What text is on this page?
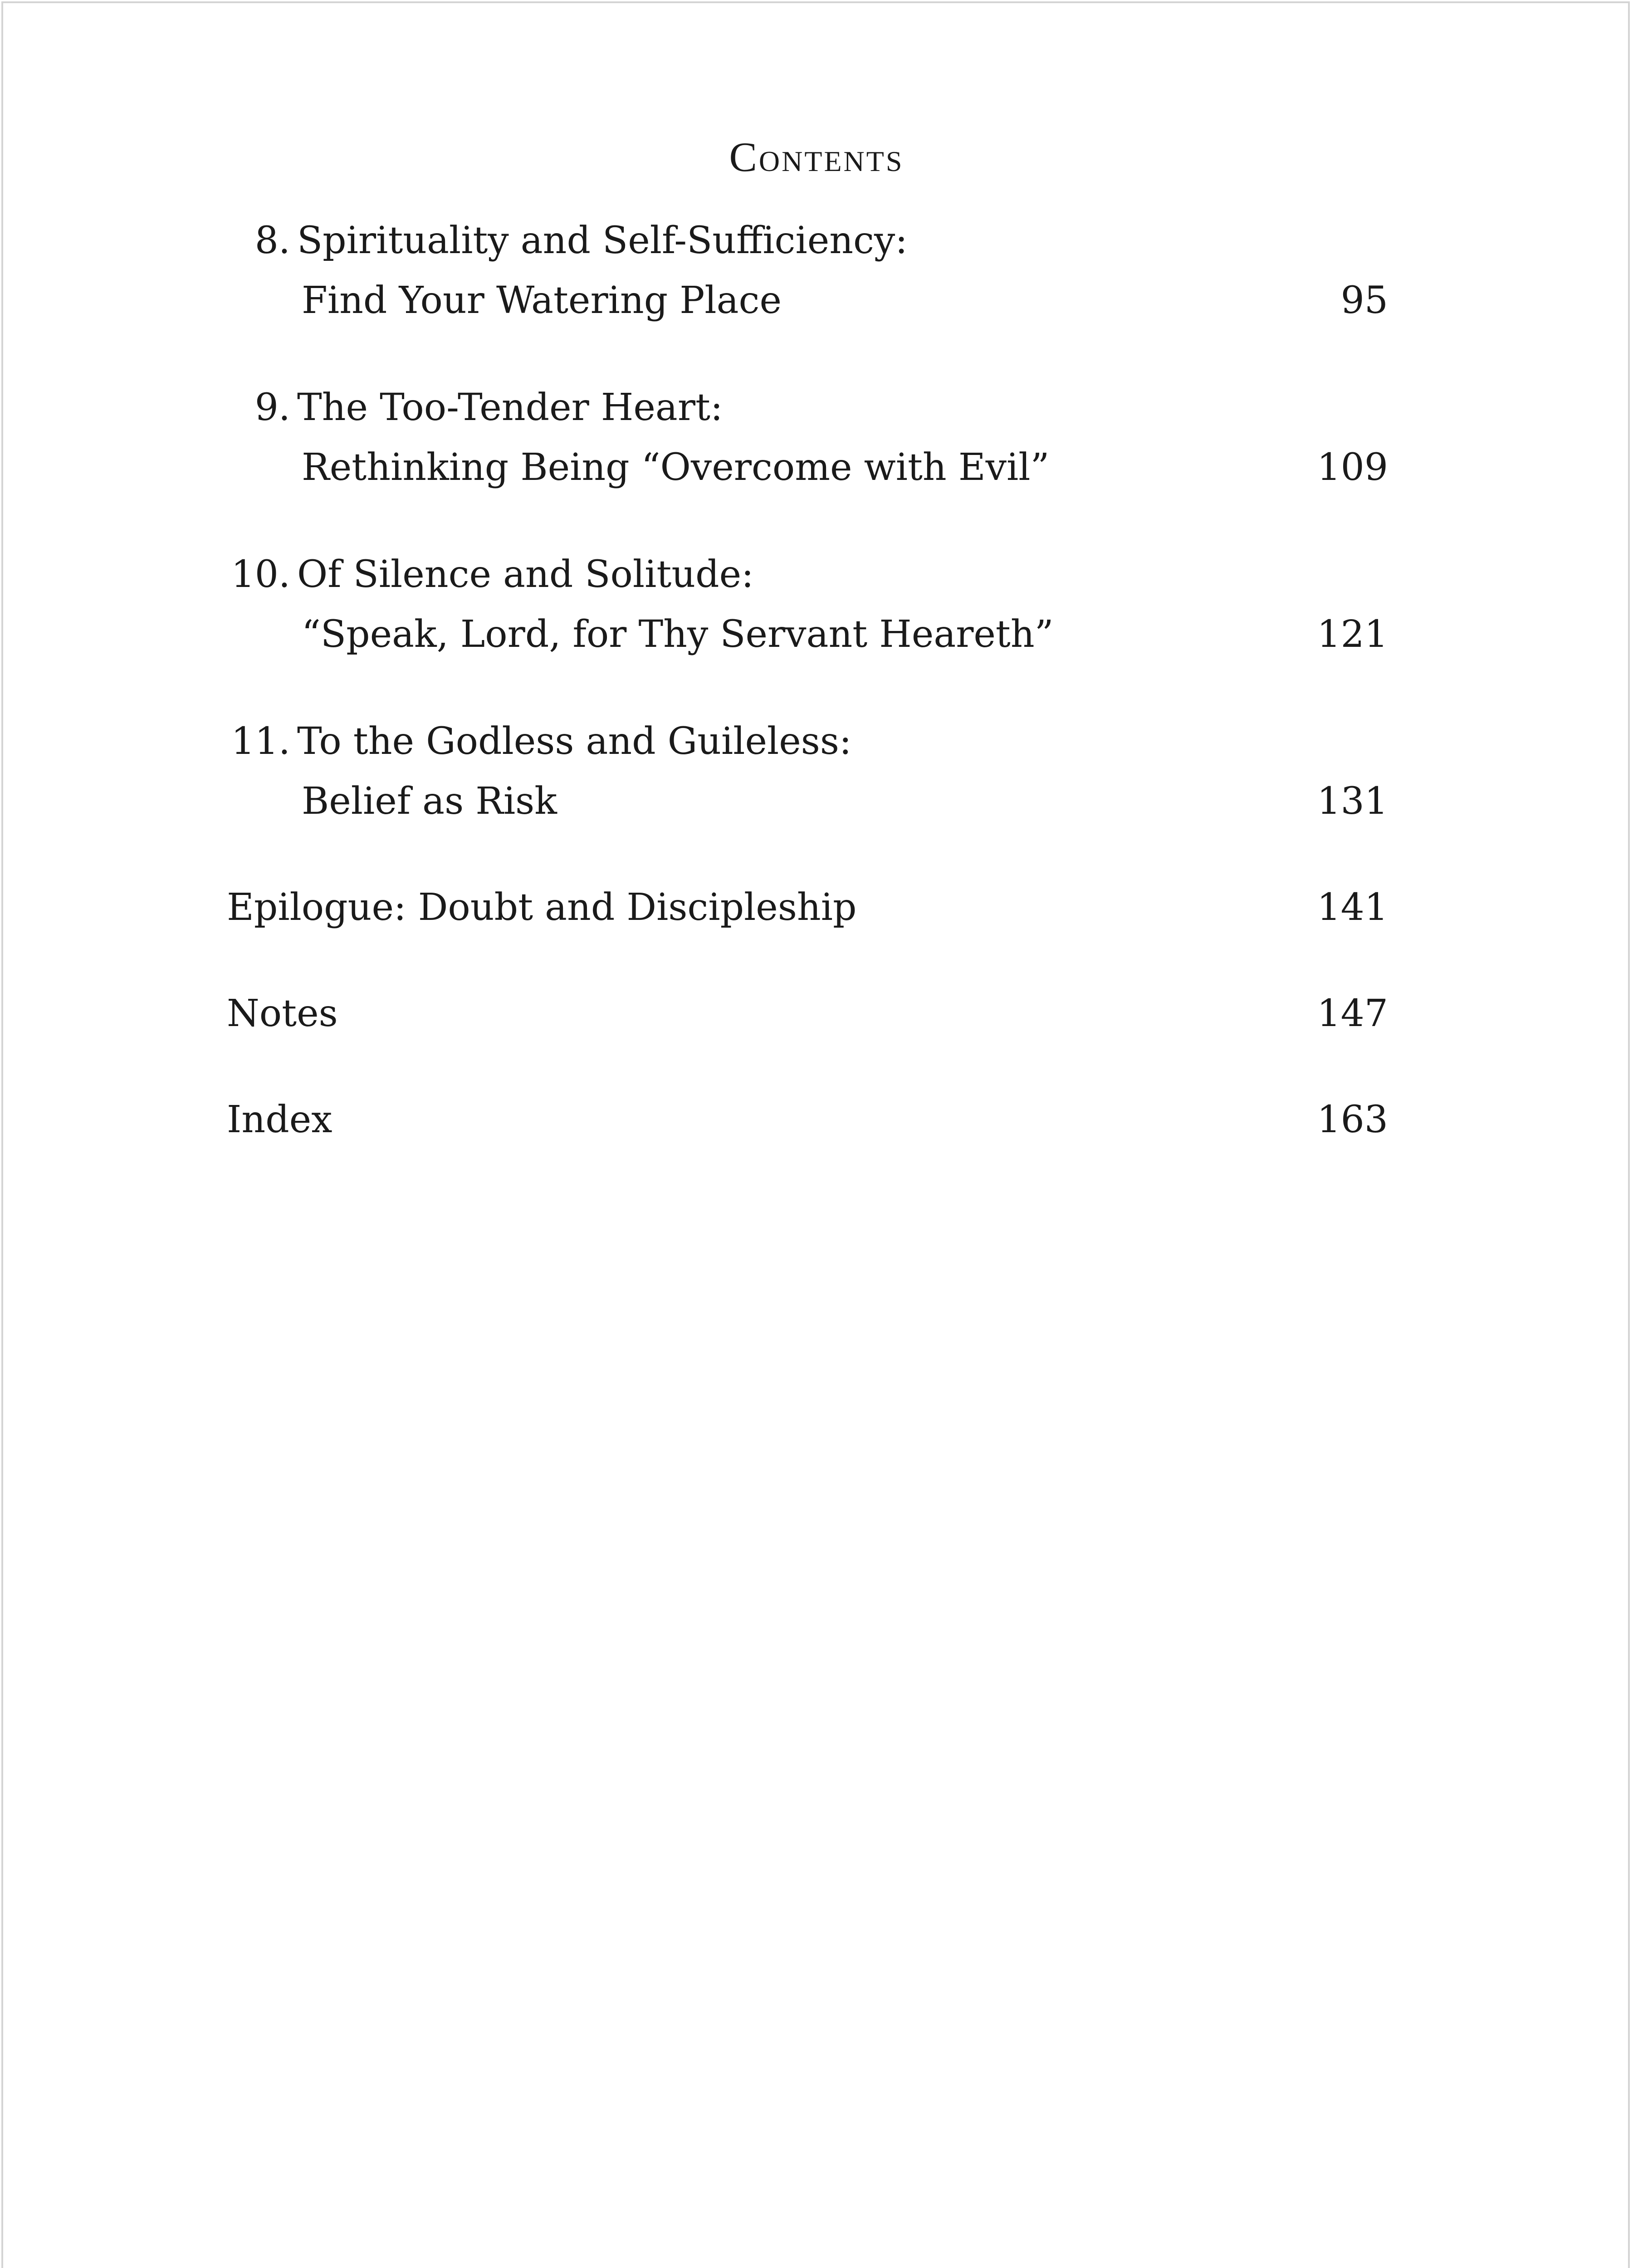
Contents
8. Spirituality and Self-Sufficiency:
Find Your Watering Place	95
9. The Too-Tender Heart:
Rethinking Being “Overcome with Evil”	109
10. Of Silence and Solitude:
“Speak, Lord, for Thy Servant Heareth”	121
11. To the Godless and Guileless:
Belief as Risk	131
Epilogue: Doubt and Discipleship	141
Notes	147
Index	163
